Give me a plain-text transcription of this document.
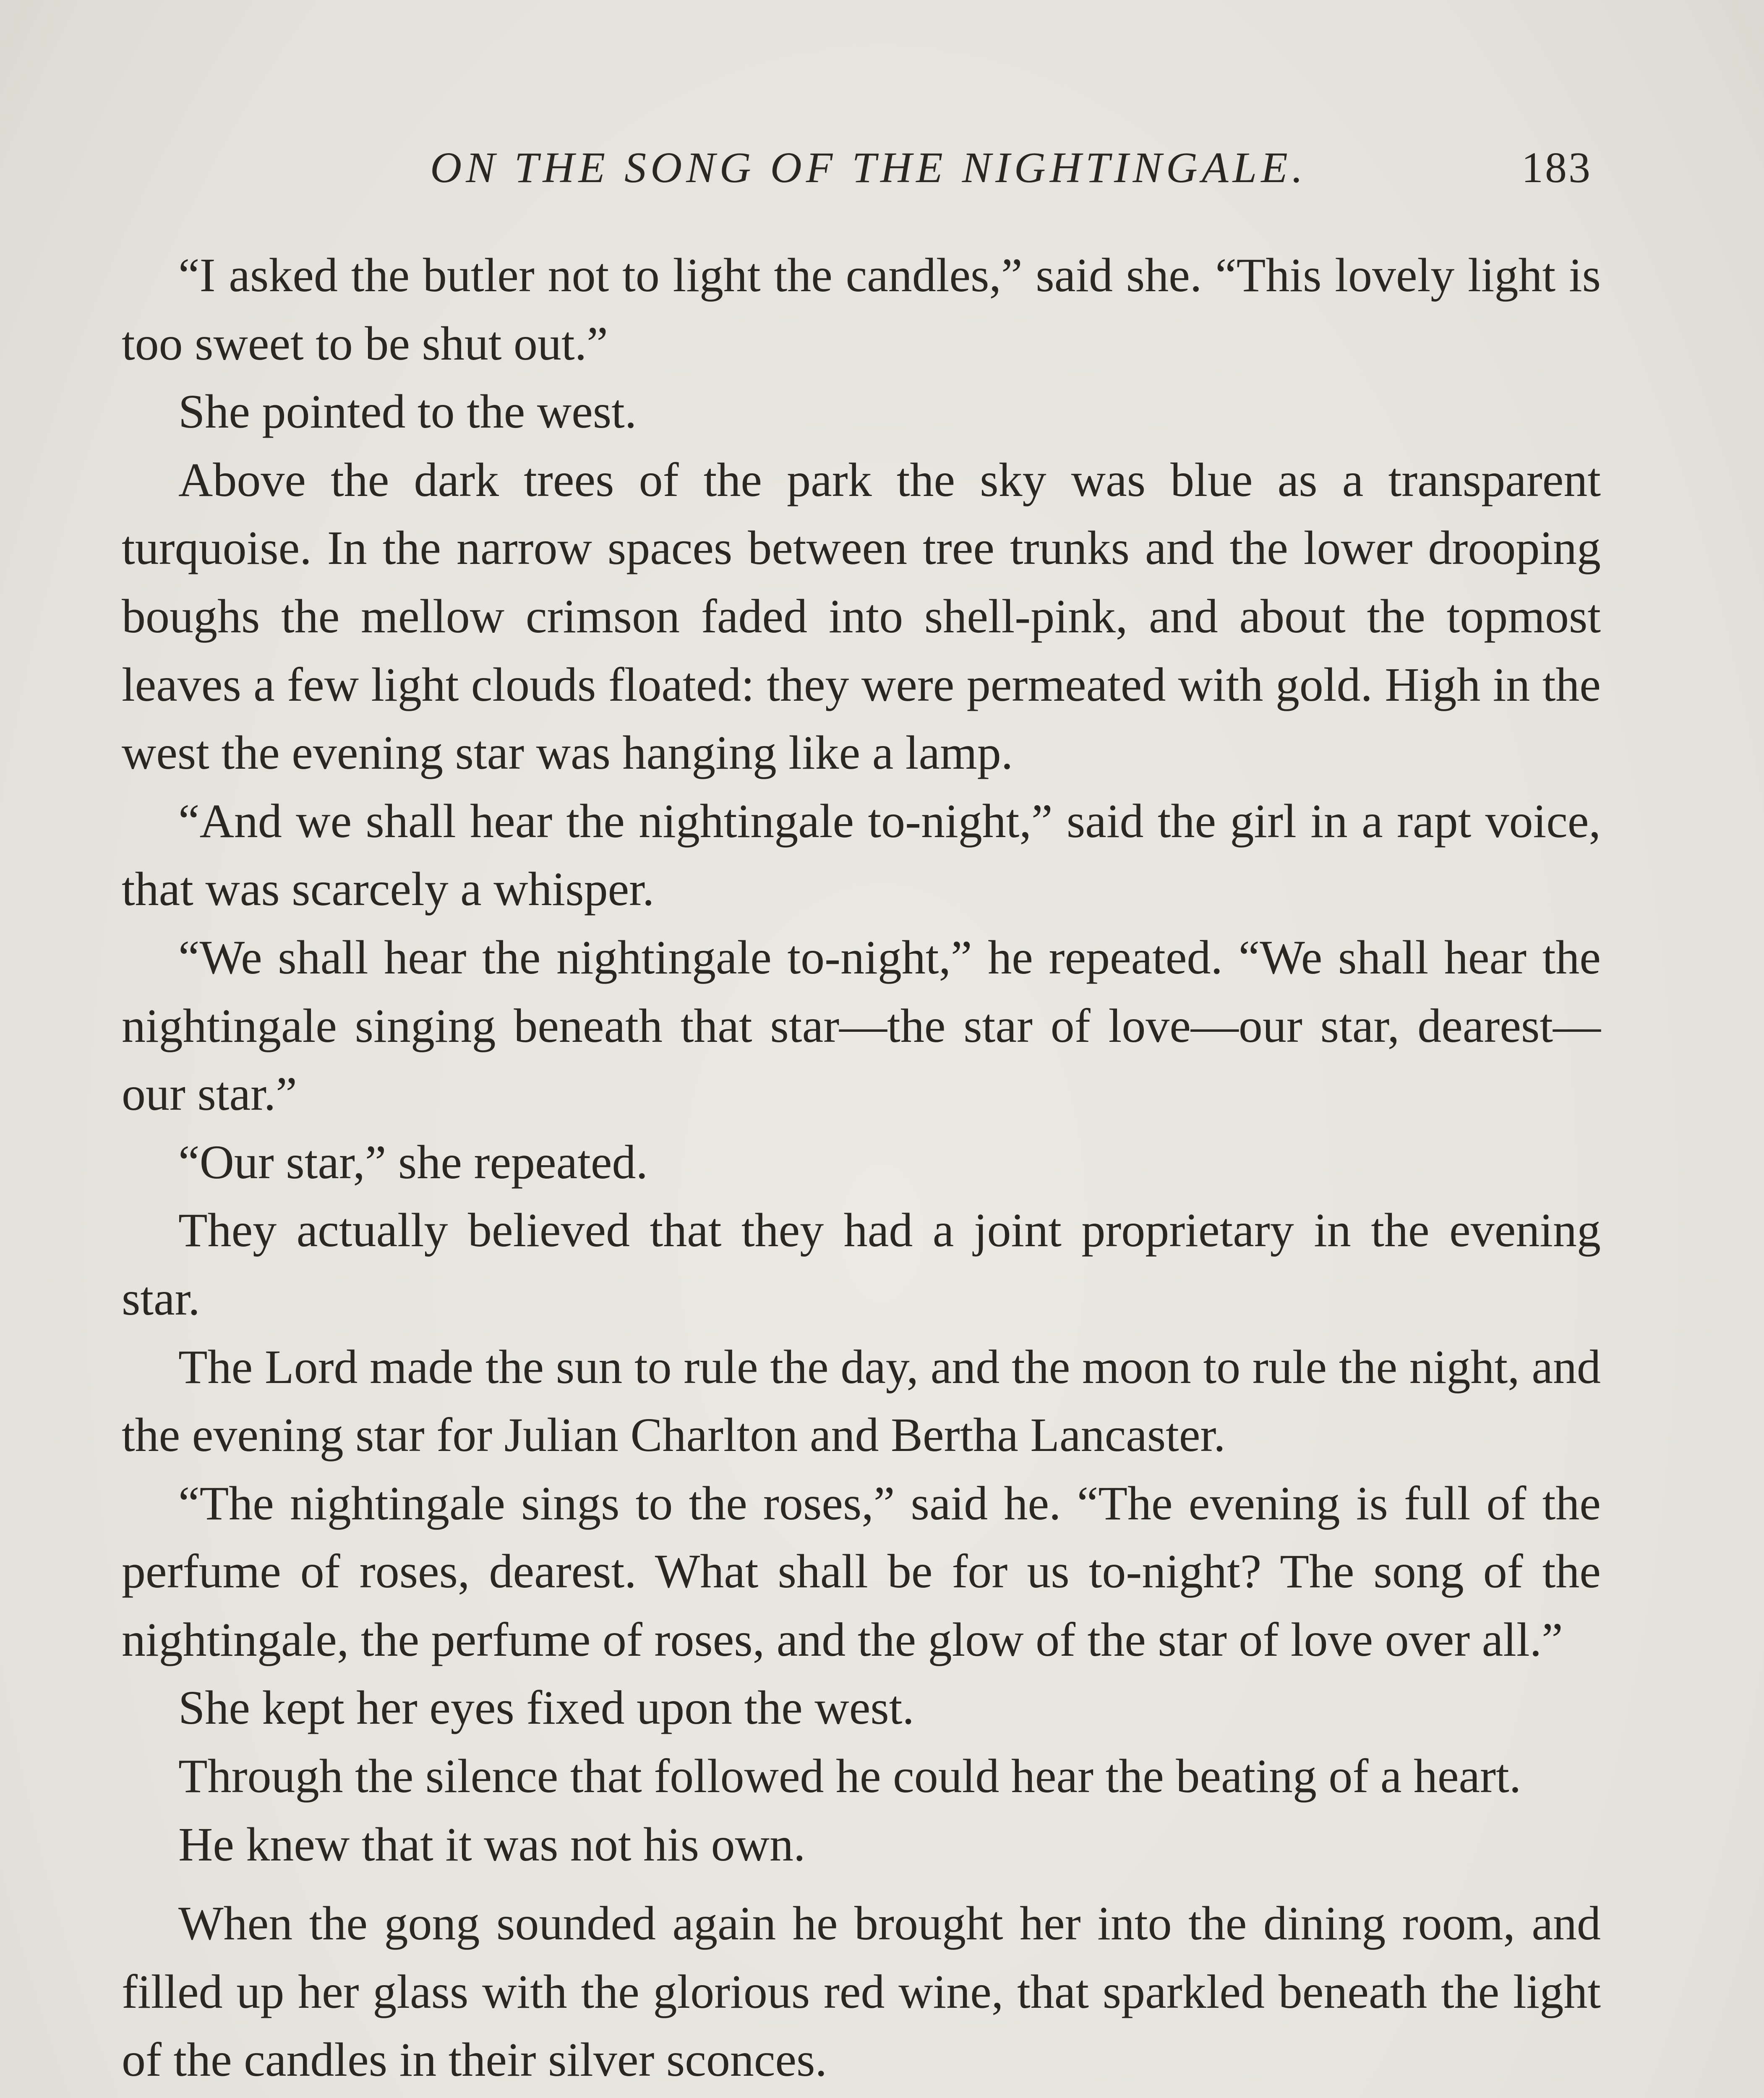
ON THE SONG OF THE NIGHTINGALE.	183

“I asked the butler not to light the candles,” said she. “This lovely light is too sweet to be shut out.”

She pointed to the west.

Above the dark trees of the park the sky was blue as a transparent turquoise. In the narrow spaces between tree trunks and the lower drooping boughs the mellow crimson faded into shell-pink, and about the topmost leaves a few light clouds floated: they were permeated with gold. High in the west the evening star was hanging like a lamp.

“And we shall hear the nightingale to-night,” said the girl in a rapt voice, that was scarcely a whisper.

“We shall hear the nightingale to-night,” he repeated. “We shall hear the nightingale singing beneath that star—the star of love—our star, dearest—our star.”

“Our star,” she repeated.

They actually believed that they had a joint proprietary in the evening star.

The Lord made the sun to rule the day, and the moon to rule the night, and the evening star for Julian Charlton and Bertha Lancaster.

“The nightingale sings to the roses,” said he. “The evening is full of the perfume of roses, dearest. What shall be for us to-night? The song of the nightingale, the perfume of roses, and the glow of the star of love over all.”

She kept her eyes fixed upon the west.

Through the silence that followed he could hear the beating of a heart.

He knew that it was not his own.

When the gong sounded again he brought her into the dining room, and filled up her glass with the glorious red wine, that sparkled beneath the light of the candles in their silver sconces.
